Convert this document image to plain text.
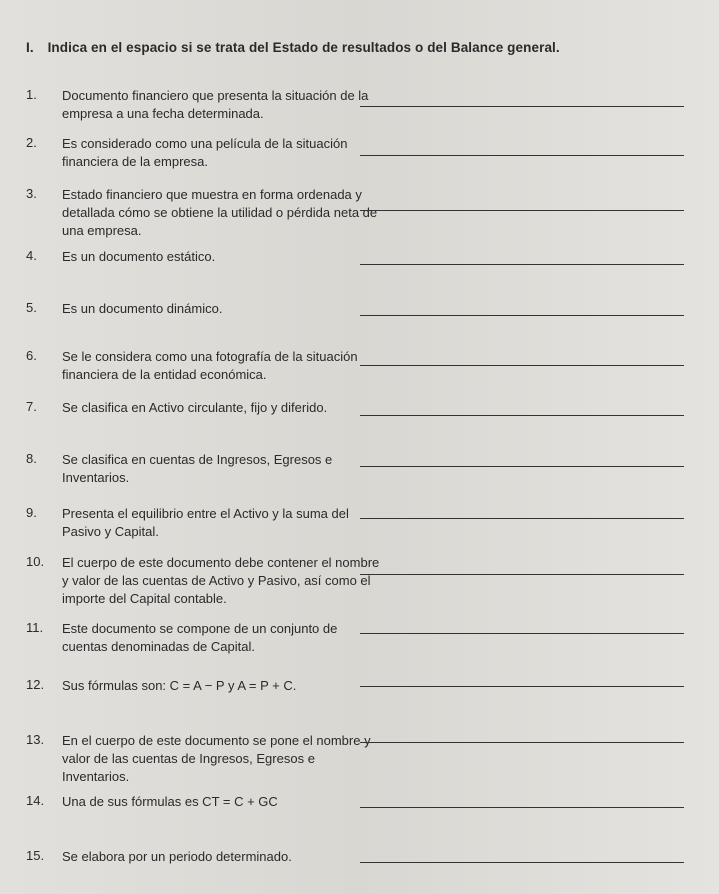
I. Indica en el espacio si se trata del Estado de resultados o del Balance general.
1.	Documento financiero que presenta la situación de la empresa a una fecha determinada.
2.	Es considerado como una película de la situación financiera de la empresa.
3.	Estado financiero que muestra en forma ordenada y detallada cómo se obtiene la utilidad o pérdida neta de una empresa.
4.	Es un documento estático.
5.	Es un documento dinámico.
6.	Se le considera como una fotografía de la situación financiera de la entidad económica.
7.	Se clasifica en Activo circulante, fijo y diferido.
8.	Se clasifica en cuentas de Ingresos, Egresos e Inventarios.
9.	Presenta el equilibrio entre el Activo y la suma del Pasivo y Capital.
10.	El cuerpo de este documento debe contener el nombre y valor de las cuentas de Activo y Pasivo, así como el importe del Capital contable.
11.	Este documento se compone de un conjunto de cuentas denominadas de Capital.
12.	Sus fórmulas son: C = A − P y A = P + C.
13.	En el cuerpo de este documento se pone el nombre y valor de las cuentas de Ingresos, Egresos e Inventarios.
14.	Una de sus fórmulas es CT = C + GC
15.	Se elabora por un periodo determinado.
